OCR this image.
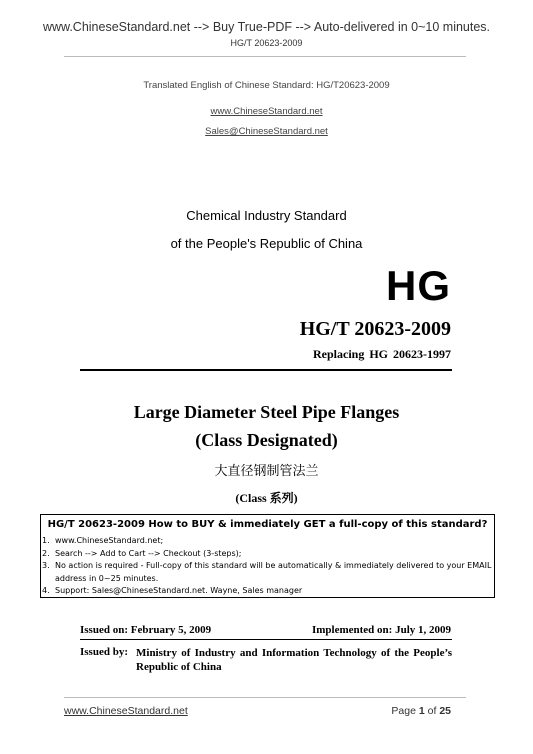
www.ChineseStandard.net --> Buy True-PDF --> Auto-delivered in 0~10 minutes.
HG/T 20623-2009
Translated English of Chinese Standard: HG/T20623-2009
www.ChineseStandard.net
Sales@ChineseStandard.net
Chemical Industry Standard
of the People's Republic of China
HG
HG/T 20623-2009
Replacing HG 20623-1997
Large Diameter Steel Pipe Flanges
(Class Designated)
大直径钢制管法兰
(Class 系列)
HG/T 20623-2009 How to BUY & immediately GET a full-copy of this standard?
1. www.ChineseStandard.net;
2. Search --> Add to Cart --> Checkout (3-steps);
3. No action is required - Full-copy of this standard will be automatically & immediately delivered to your EMAIL address in 0~25 minutes.
4. Support: Sales@ChineseStandard.net. Wayne, Sales manager
Issued on: February 5, 2009	Implemented on: July 1, 2009
Issued by: Ministry of Industry and Information Technology of the People’s Republic of China
www.ChineseStandard.net	Page 1 of 25
